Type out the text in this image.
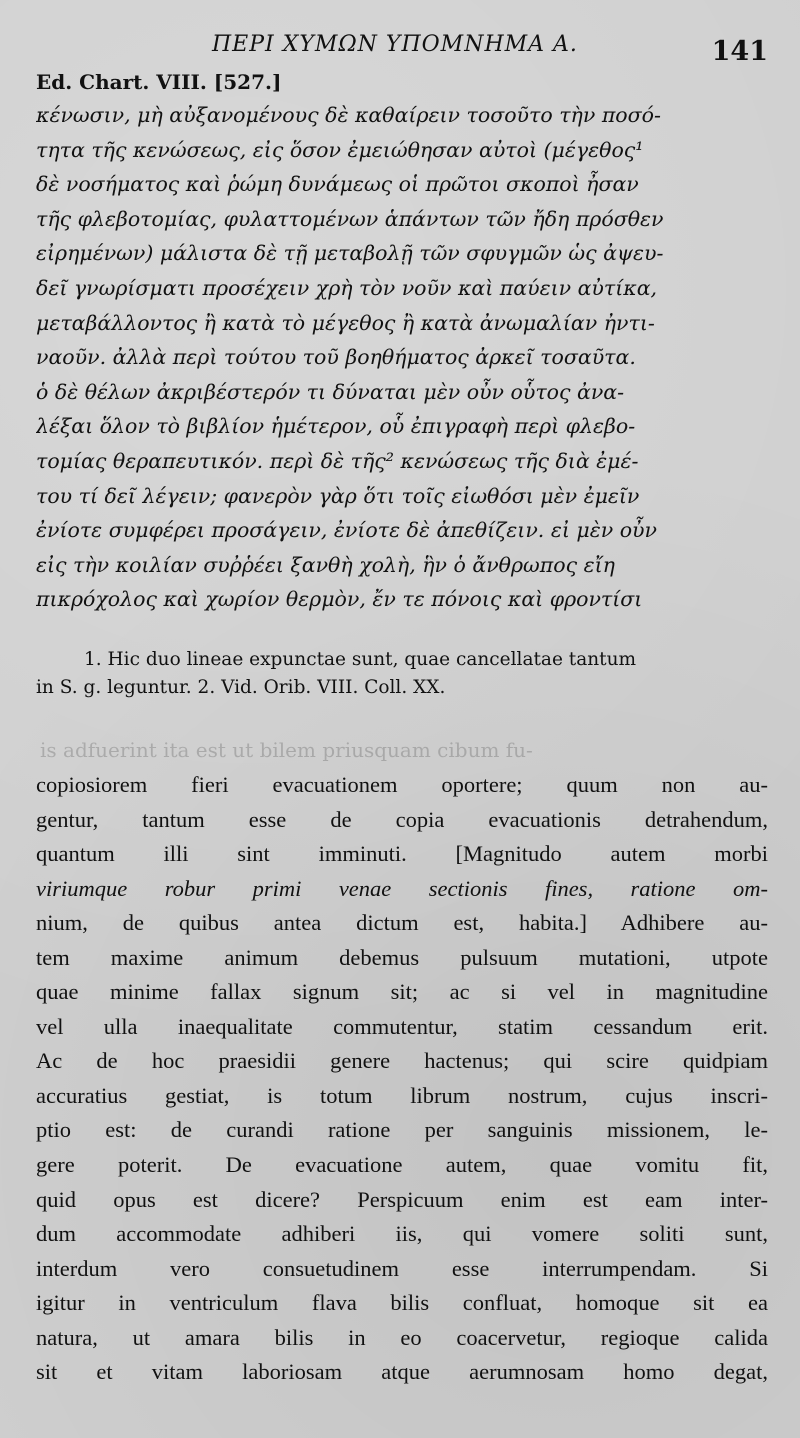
ΠΕΡΙ ΧΥΜΩΝ ΥΠΟΜΝΗΜΑ Α.	141
Ed. Chart. VIII. [527.]
κένωσιν, μὴ αὐξανομένους δὲ καθαίρειν τοσοῦτο τὴν ποσό-
τητα τῆς κενώσεως, εἰς ὅσον ἐμειώθησαν αὐτοὶ (μέγεθος¹
δὲ νοσήματος καὶ ῥώμη δυνάμεως οἱ πρῶτοι σκοποὶ ἦσαν
τῆς φλεβοτομίας, φυλαττομένων ἁπάντων τῶν ἤδη πρόσθεν
εἰρημένων) μάλιστα δὲ τῇ μεταβολῇ τῶν σφυγμῶν ὡς ἀψευ-
δεῖ γνωρίσματι προσέχειν χρὴ τὸν νοῦν καὶ παύειν αὐτίκα,
μεταβάλλοντος ἢ κατὰ τὸ μέγεθος ἢ κατὰ ἀνωμαλίαν ἠντι-
ναοῦν. ἀλλὰ περὶ τούτου τοῦ βοηθήματος ἀρκεῖ τοσαῦτα.
ὁ δὲ θέλων ἀκριβέστερόν τι δύναται μὲν οὖν οὗτος ἀνα-
λέξαι ὅλον τὸ βιβλίον ἡμέτερον, οὗ ἐπιγραφὴ περὶ φλεβο-
τομίας θεραπευτικόν. περὶ δὲ τῆς² κενώσεως τῆς διὰ ἐμέ-
του τί δεῖ λέγειν; φανερὸν γὰρ ὅτι τοῖς εἰωθόσι μὲν ἐμεῖν
ἐνίοτε συμφέρει προσάγειν, ἐνίοτε δὲ ἀπεθίζειν. εἰ μὲν οὖν
εἰς τὴν κοιλίαν συῤῥέει ξανθὴ χολὴ, ἣν ὁ ἄνθρωπος εἴη
πικρόχολος καὶ χωρίον θερμὸν, ἔν τε πόνοις καὶ φροντίσι
1. Hic duo lineae expunctae sunt, quae cancellatae tantum
in S. g. leguntur. 2. Vid. Orib. VIII. Coll. XX.
is adfuerint ita est ut bilem priusquam cibum fu-
copiosiorem fieri evacuationem oportere; quum non au-
gentur, tantum esse de copia evacuationis detrahendum,
quantum illi sint imminuti. [Magnitudo autem morbi
viriumque robur primi venae sectionis fines, ratione om-
nium, de quibus antea dictum est, habita.] Adhibere au-
tem maxime animum debemus pulsuum mutationi, utpote
quae minime fallax signum sit; ac si vel in magnitudine
vel ulla inaequalitate commutentur, statim cessandum erit.
Ac de hoc praesidii genere hactenus; qui scire quidpiam
accuratius gestiat, is totum librum nostrum, cujus inscri-
ptio est: de curandi ratione per sanguinis missionem, le-
gere poterit. De evacuatione autem, quae vomitu fit,
quid opus est dicere? Perspicuum enim est eam inter-
dum accommodate adhiberi iis, qui vomere soliti sunt,
interdum vero consuetudinem esse interrumpendam. Si
igitur in ventriculum flava bilis confluat, homoque sit ea
natura, ut amara bilis in eo coacervetur, regioque calida
sit et vitam laboriosam atque aerumnosam homo degat,
